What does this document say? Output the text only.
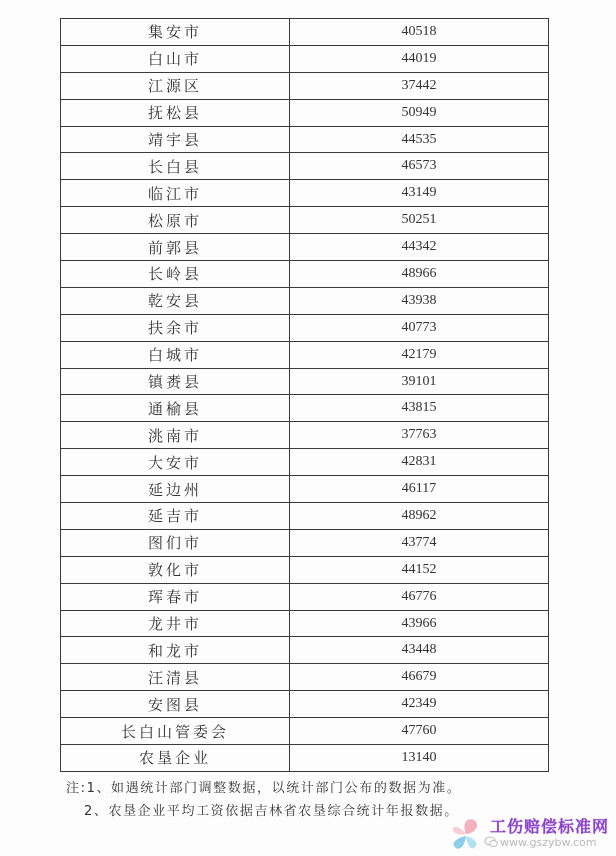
集安市	40518
白山市	44019
江源区	37442
抚松县	50949
靖宇县	44535
长白县	46573
临江市	43149
松原市	50251
前郭县	44342
长岭县	48966
乾安县	43938
扶余市	40773
白城市	42179
镇赉县	39101
通榆县	43815
洮南市	37763
大安市	42831
延边州	46117
延吉市	48962
图们市	43774
敦化市	44152
珲春市	46776
龙井市	43966
和龙市	43448
汪清县	46679
安图县	42349
长白山管委会	47760
农垦企业	13140
注:1、如遇统计部门调整数据，以统计部门公布的数据为准。
2、农垦企业平均工资依据吉林省农垦综合统计年报数据。
工伤赔偿标准网
www.gszybw.com
